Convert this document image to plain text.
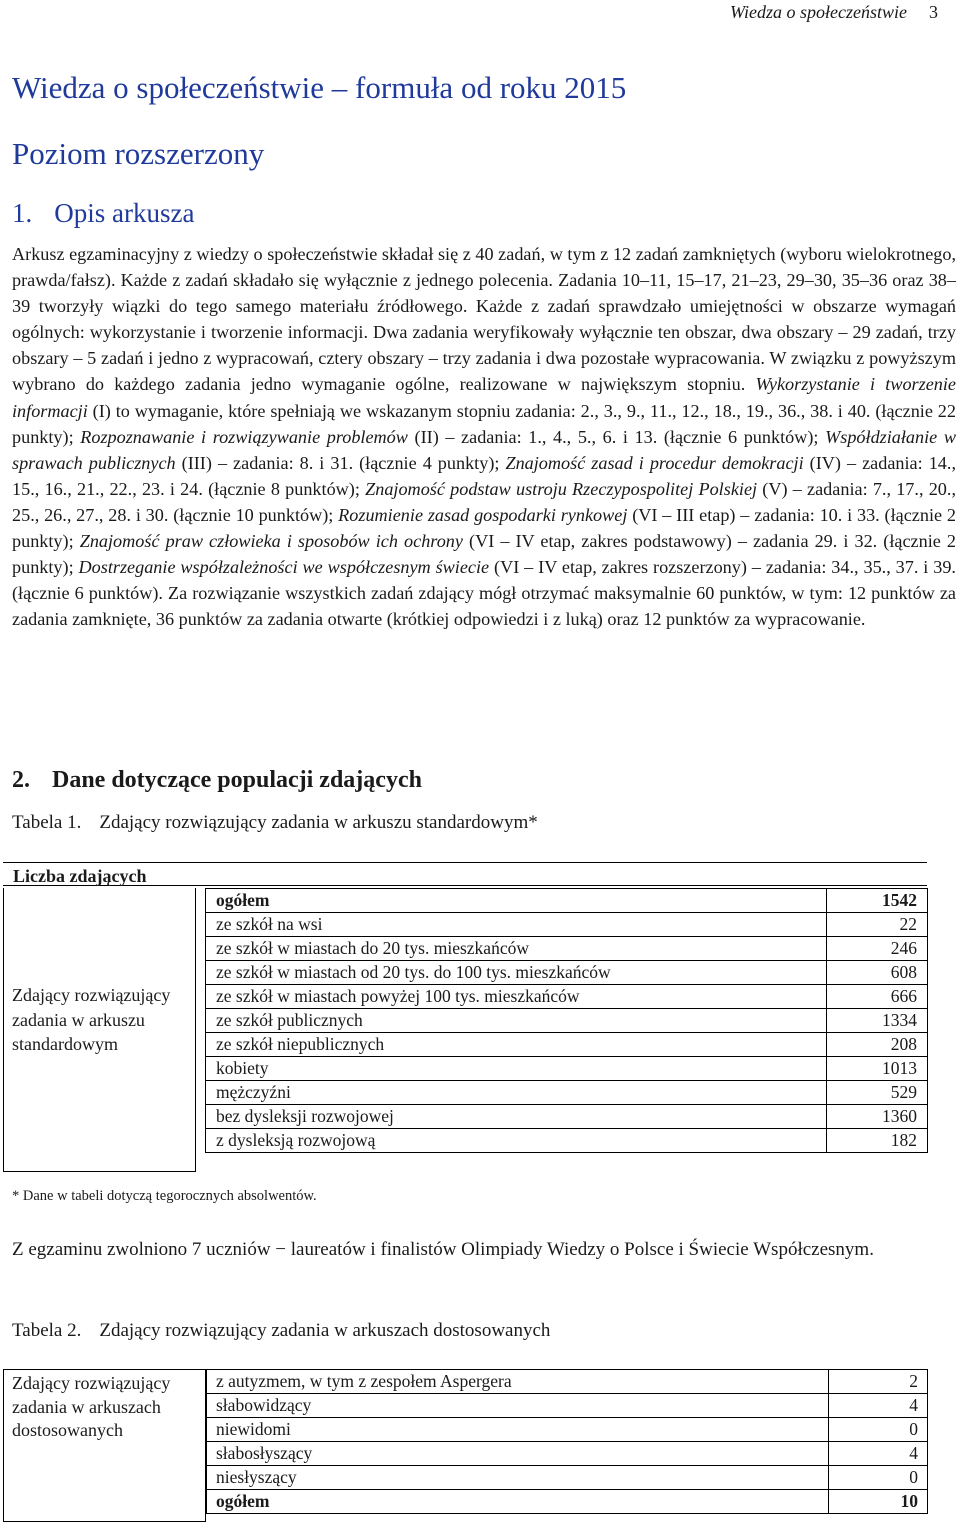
Wiedza o społeczeństwie 3
Wiedza o społeczeństwie – formuła od roku 2015
Poziom rozszerzony
1. Opis arkusza
Arkusz egzaminacyjny z wiedzy o społeczeństwie składał się z 40 zadań, w tym z 12 zadań zamkniętych (wyboru wielokrotnego, prawda/fałsz). Każde z zadań składało się wyłącznie z jednego polecenia. Zadania 10–11, 15–17, 21–23, 29–30, 35–36 oraz 38–39 tworzyły wiązki do tego samego materiału źródłowego. Każde z zadań sprawdzało umiejętności w obszarze wymagań ogólnych: wykorzystanie i tworzenie informacji. Dwa zadania weryfikowały wyłącznie ten obszar, dwa obszary – 29 zadań, trzy obszary – 5 zadań i jedno z wypracowań, cztery obszary – trzy zadania i dwa pozostałe wypracowania. W związku z powyższym wybrano do każdego zadania jedno wymaganie ogólne, realizowane w największym stopniu. Wykorzystanie i tworzenie informacji (I) to wymaganie, które spełniają we wskazanym stopniu zadania: 2., 3., 9., 11., 12., 18., 19., 36., 38. i 40. (łącznie 22 punkty); Rozpoznawanie i rozwiązywanie problemów (II) – zadania: 1., 4., 5., 6. i 13. (łącznie 6 punktów); Współdziałanie w sprawach publicznych (III) – zadania: 8. i 31. (łącznie 4 punkty); Znajomość zasad i procedur demokracji (IV) – zadania: 14., 15., 16., 21., 22., 23. i 24. (łącznie 8 punktów); Znajomość podstaw ustroju Rzeczypospolitej Polskiej (V) – zadania: 7., 17., 20., 25., 26., 27., 28. i 30. (łącznie 10 punktów); Rozumienie zasad gospodarki rynkowej (VI – III etap) – zadania: 10. i 33. (łącznie 2 punkty); Znajomość praw człowieka i sposobów ich ochrony (VI – IV etap, zakres podstawowy) – zadania 29. i 32. (łącznie 2 punkty); Dostrzeganie współzależności we współczesnym świecie (VI – IV etap, zakres rozszerzony) – zadania: 34., 35., 37. i 39. (łącznie 6 punktów). Za rozwiązanie wszystkich zadań zdający mógł otrzymać maksymalnie 60 punktów, w tym: 12 punktów za zadania zamknięte, 36 punktów za zadania otwarte (krótkiej odpowiedzi i z luką) oraz 12 punktów za wypracowanie.
2. Dane dotyczące populacji zdających
Tabela 1. Zdający rozwiązujący zadania w arkuszu standardowym*
Liczba zdających
Zdający rozwiązujący zadania w arkuszu standardowym
ogółem	1542
ze szkół na wsi	22
ze szkół w miastach do 20 tys. mieszkańców	246
ze szkół w miastach od 20 tys. do 100 tys. mieszkańców	608
ze szkół w miastach powyżej 100 tys. mieszkańców	666
ze szkół publicznych	1334
ze szkół niepublicznych	208
kobiety	1013
mężczyźni	529
bez dysleksji rozwojowej	1360
z dysleksją rozwojową	182
* Dane w tabeli dotyczą tegorocznych absolwentów.
Z egzaminu zwolniono 7 uczniów − laureatów i finalistów Olimpiady Wiedzy o Polsce i Świecie Współczesnym.
Tabela 2. Zdający rozwiązujący zadania w arkuszach dostosowanych
Zdający rozwiązujący zadania w arkuszach dostosowanych
z autyzmem, w tym z zespołem Aspergera	2
słabowidzący	4
niewidomi	0
słabosłyszący	4
niesłyszący	0
ogółem	10
